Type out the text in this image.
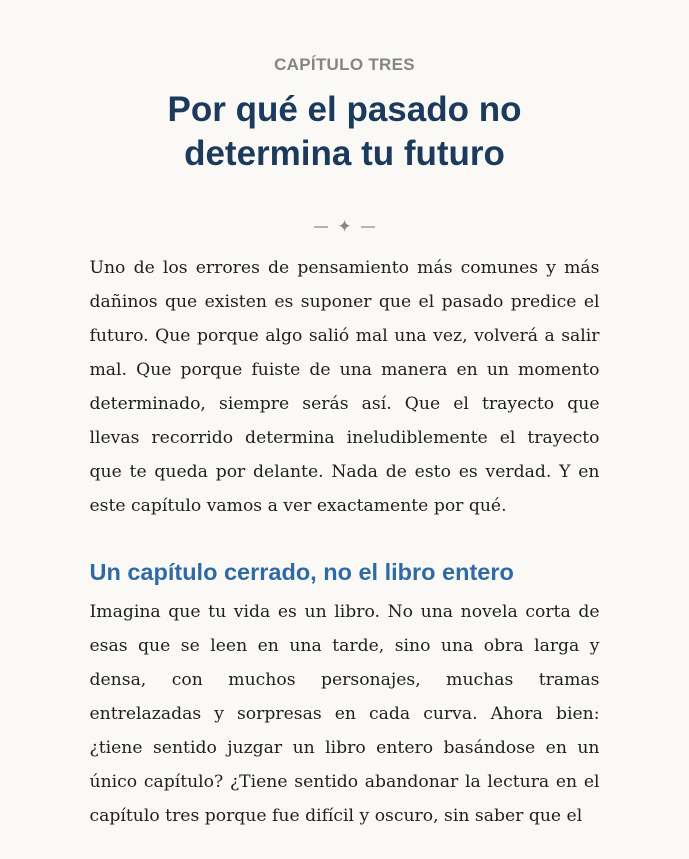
CAPÍTULO TRES

Por qué el pasado no
determina tu futuro
✦

Uno de los errores de pensamiento más comunes y más dañinos que existen es suponer que el pasado predice el futuro. Que porque algo salió mal una vez, volverá a salir mal. Que porque fuiste de una manera en un momento determinado, siempre serás así. Que el trayecto que llevas recorrido determina ineludiblemente el trayecto que te queda por delante. Nada de esto es verdad. Y en este capítulo vamos a ver exactamente por qué.

Un capítulo cerrado, no el libro entero

Imagina que tu vida es un libro. No una novela corta de esas que se leen en una tarde, sino una obra larga y densa, con muchos personajes, muchas tramas entrelazadas y sorpresas en cada curva. Ahora bien: ¿tiene sentido juzgar un libro entero basándose en un único capítulo? ¿Tiene sentido abandonar la lectura en el capítulo tres porque fue difícil y oscuro, sin saber que el
